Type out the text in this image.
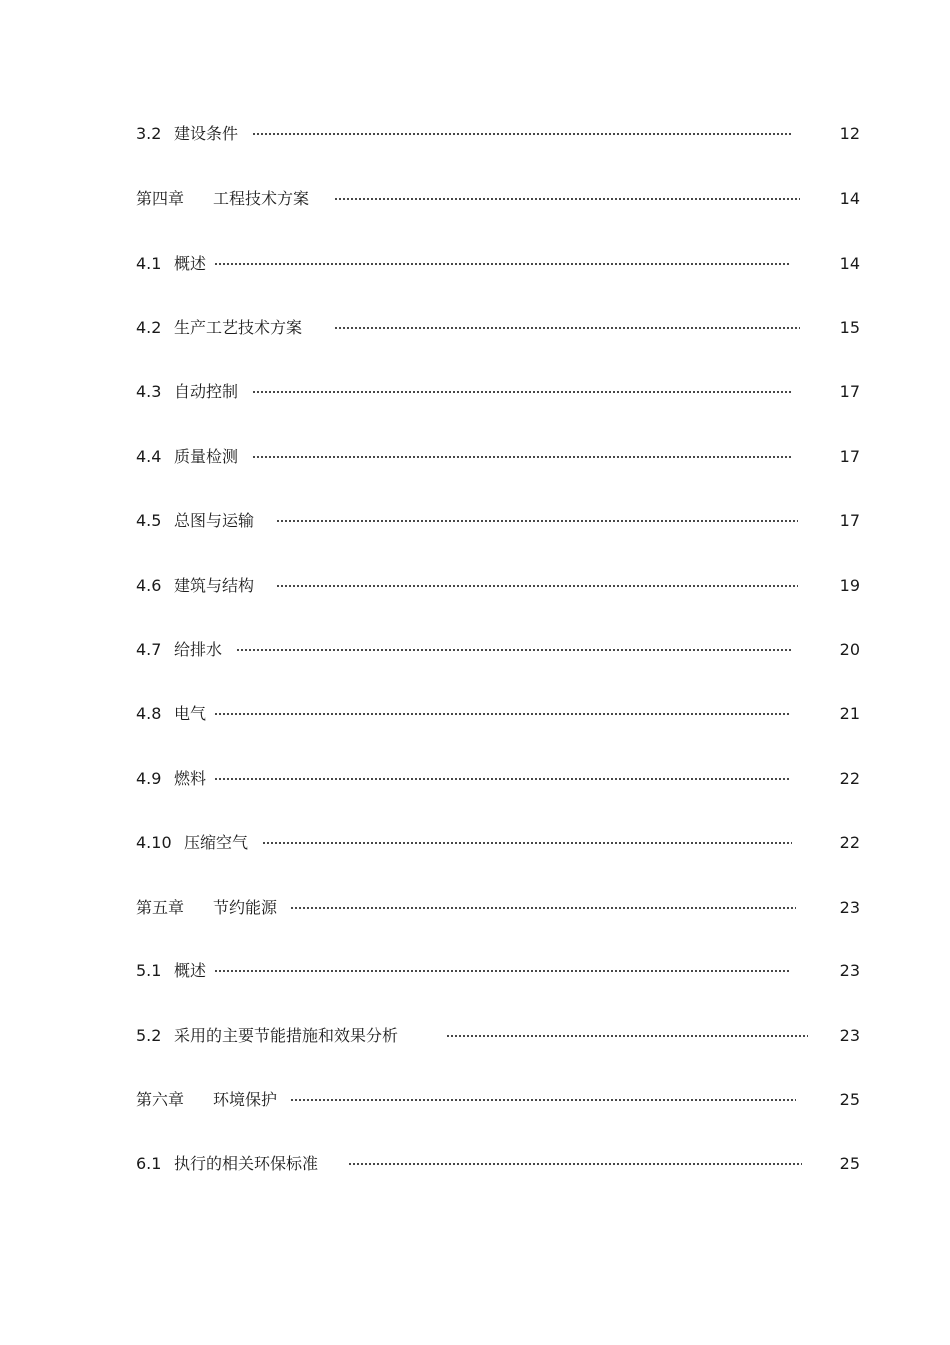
3.2 建设条件	12
第四章 工程技术方案	14
4.1 概述	14
4.2 生产工艺技术方案	15
4.3 自动控制	17
4.4 质量检测	17
4.5 总图与运输	17
4.6 建筑与结构	19
4.7 给排水	20
4.8 电气	21
4.9 燃料	22
4.10 压缩空气	22
第五章 节约能源	23
5.1 概述	23
5.2 采用的主要节能措施和效果分析	23
第六章 环境保护	25
6.1 执行的相关环保标准	25
